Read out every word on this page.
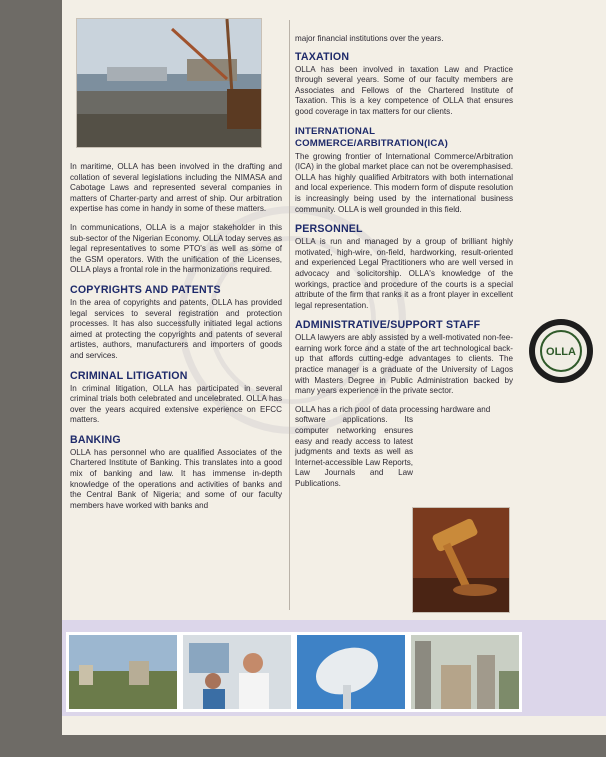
In maritime, OLLA has been involved in the drafting and collation of several legislations including the NIMASA and Cabotage Laws and represented several companies in matters of Charter-party and arrest of ship. Our arbitration expertise has come in handy in some of these matters.

In communications, OLLA is a major stakeholder in this sub-sector of the Nigerian Economy. OLLA today serves as legal representatives to some PTO's as well as some of the GSM operators. With the unification of the Licenses, OLLA plays a frontal role in the harmonizations required.

COPYRIGHTS AND PATENTS

In the area of copyrights and patents, OLLA has provided legal services to several registration and protection processes. It has also successfully initiated legal actions aimed at protecting the copyrights and patents of several artistes, authors, manufacturers and importers of goods and services.

CRIMINAL LITIGATION

In criminal litigation, OLLA has participated in several criminal trials both celebrated and uncelebrated. OLLA has over the years acquired extensive experience on EFCC matters.

BANKING

OLLA has personnel who are qualified Associates of the Chartered Institute of Banking. This translates into a good mix of banking and law. It has immense in-depth knowledge of the operations and activities of banks and the Central Bank of Nigeria; and some of our faculty members have worked with banks and

major financial institutions over the years.

TAXATION

OLLA has been involved in taxation Law and Practice through several years. Some of our faculty members are Associates and Fellows of the Chartered Institute of Taxation. This is a key competence of OLLA that ensures good coverage in tax matters for our clients.

INTERNATIONAL COMMERCE/ARBITRATION(ICA)

The growing frontier of International Commerce/Arbitration (ICA) in the global market place can not be overemphasised. OLLA has highly qualified Arbitrators with both international and local experience. This modern form of dispute resolution is increasingly being used by the international business community. OLLA is well grounded in this field.

PERSONNEL

OLLA is run and managed by a group of brilliant highly motivated, high-wire, on-field, hardworking, result-oriented and experienced Legal Practitioners who are well versed in advocacy and solicitorship. OLLA's knowledge of the workings, practice and procedure of the courts is a special attribute of the firm that ranks it as a front player in excellent legal representation.

ADMINISTRATIVE/SUPPORT STAFF

OLLA lawyers are ably assisted by a well-motivated non-fee-earning work force and a state of the art technological back-up that affords cutting-edge advantages to clients. The practice manager is a graduate of the University of Lagos with Masters Degree in Public Administration backed by many years experience in the private sector.

OLLA has a rich pool of data processing hardware and

software applications. Its computer networking ensures easy and ready access to latest judgments and texts as well as Internet-accessible Law Reports, Law Journals and Law Publications.

OLLA
